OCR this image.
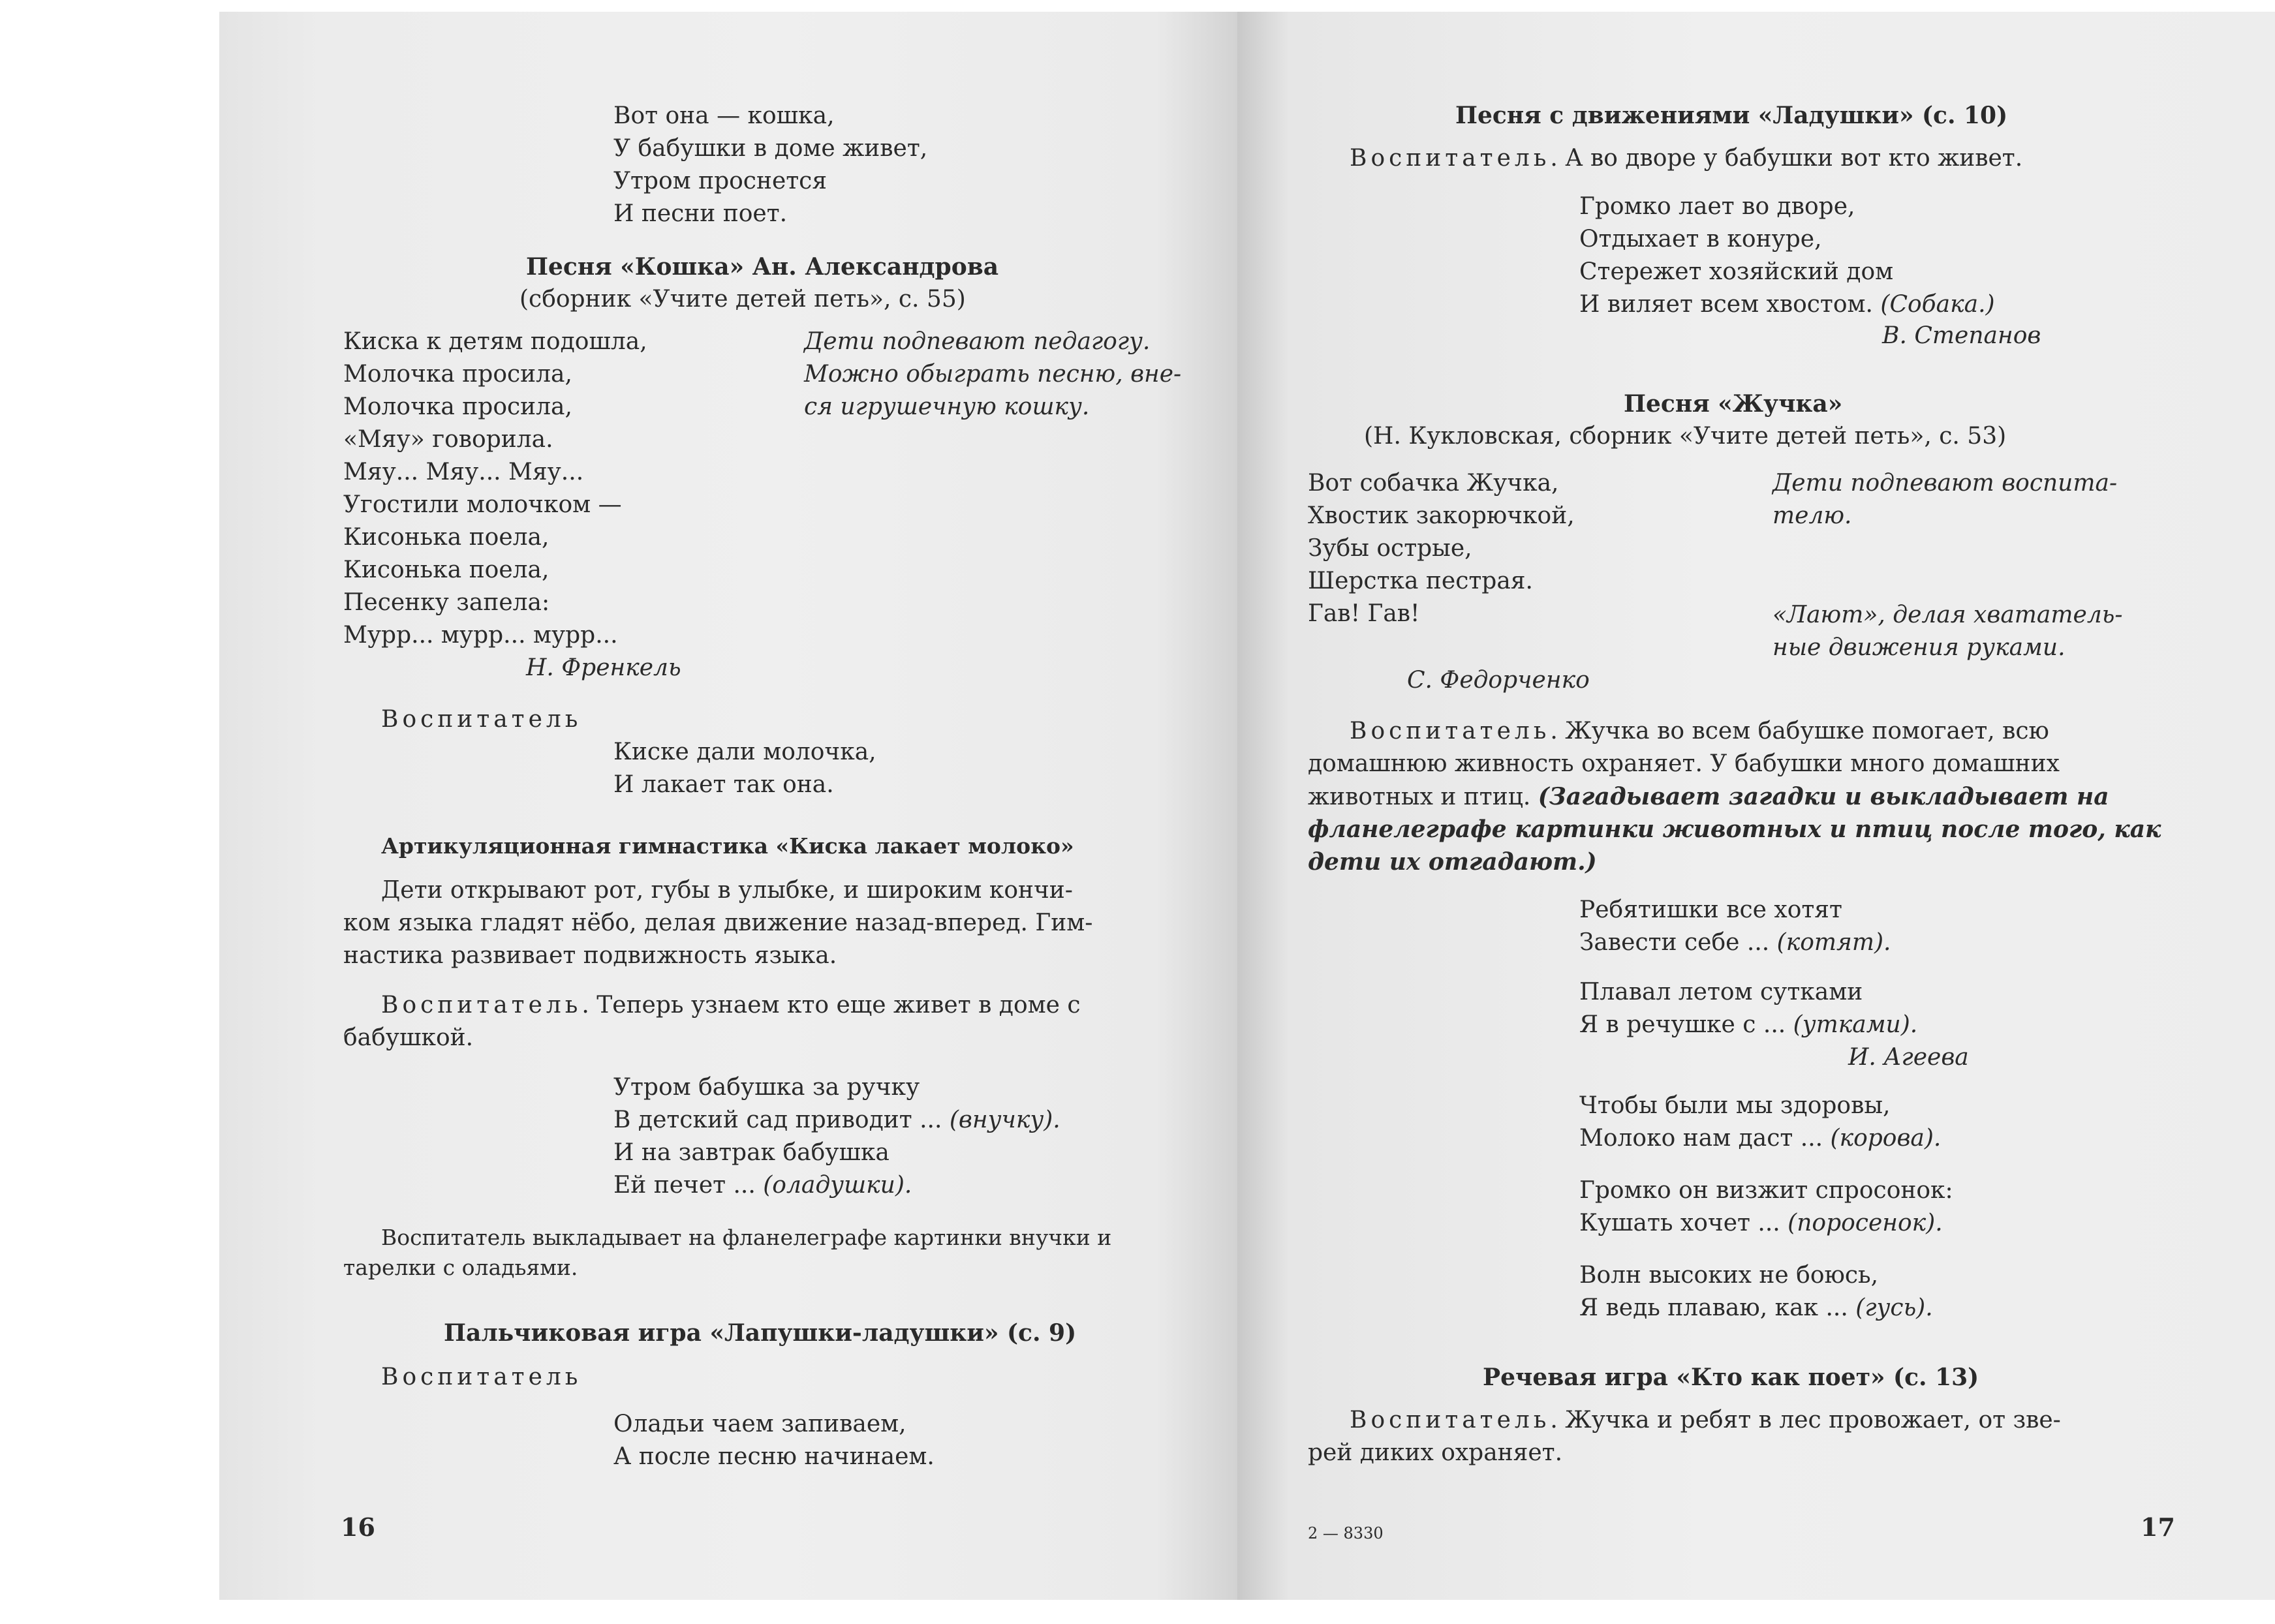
Вот она — кошка,
У бабушки в доме живет,
Утром проснется
И песни поет.
Песня «Кошка» Ан. Александрова
(сборник «Учите детей петь», с. 55)
Киска к детям подошла,
Молочка просила,
Молочка просила,
«Мяу» говорила.
Мяу... Мяу... Мяу...
Угостили молочком —
Кисонька поела,
Кисонька поела,
Песенку запела:
Мурр... мурр... мурр...
Н. Френкель
Дети подпевают педагогу.
Можно обыграть песню, вне-
ся игрушечную кошку.
Воспитатель
Киске дали молочка,
И лакает так она.
Артикуляционная гимнастика «Киска лакает молоко»
Дети открывают рот, губы в улыбке, и широким кончи-
ком языка гладят нёбо, делая движение назад-вперед. Гим-
настика развивает подвижность языка.
Воспитатель. Теперь узнаем кто еще живет в доме с
бабушкой.
Утром бабушка за ручку
В детский сад приводит ... (внучку).
И на завтрак бабушка
Ей печет ... (оладушки).
Воспитатель выкладывает на фланелеграфе картинки внучки и
тарелки с оладьями.
Пальчиковая игра «Лапушки-ладушки» (с. 9)
Воспитатель
Оладьи чаем запиваем,
А после песню начинаем.
16
Песня с движениями «Ладушки» (с. 10)
Воспитатель. А во дворе у бабушки вот кто живет.
Громко лает во дворе,
Отдыхает в конуре,
Стережет хозяйский дом
И виляет всем хвостом. (Собака.)
В. Степанов
Песня «Жучка»
(Н. Кукловская, сборник «Учите детей петь», с. 53)
Вот собачка Жучка,
Хвостик закорючкой,
Зубы острые,
Шерстка пестрая.
Гав! Гав!
С. Федорченко
Дети подпевают воспита-
телю.
«Лают», делая хвататель-
ные движения руками.
Воспитатель. Жучка во всем бабушке помогает, всю
домашнюю живность охраняет. У бабушки много домашних
животных и птиц. (Загадывает загадки и выкладывает на
фланелеграфе картинки животных и птиц после того, как
дети их отгадают.)
Ребятишки все хотят
Завести себе ... (котят).
Плавал летом сутками
Я в речушке с ... (утками).
И. Агеева
Чтобы были мы здоровы,
Молоко нам даст ... (корова).
Громко он визжит спросонок:
Кушать хочет ... (поросенок).
Волн высоких не боюсь,
Я ведь плаваю, как ... (гусь).
Речевая игра «Кто как поет» (с. 13)
Воспитатель. Жучка и ребят в лес провожает, от зве-
рей диких охраняет.
2 — 8330	17
